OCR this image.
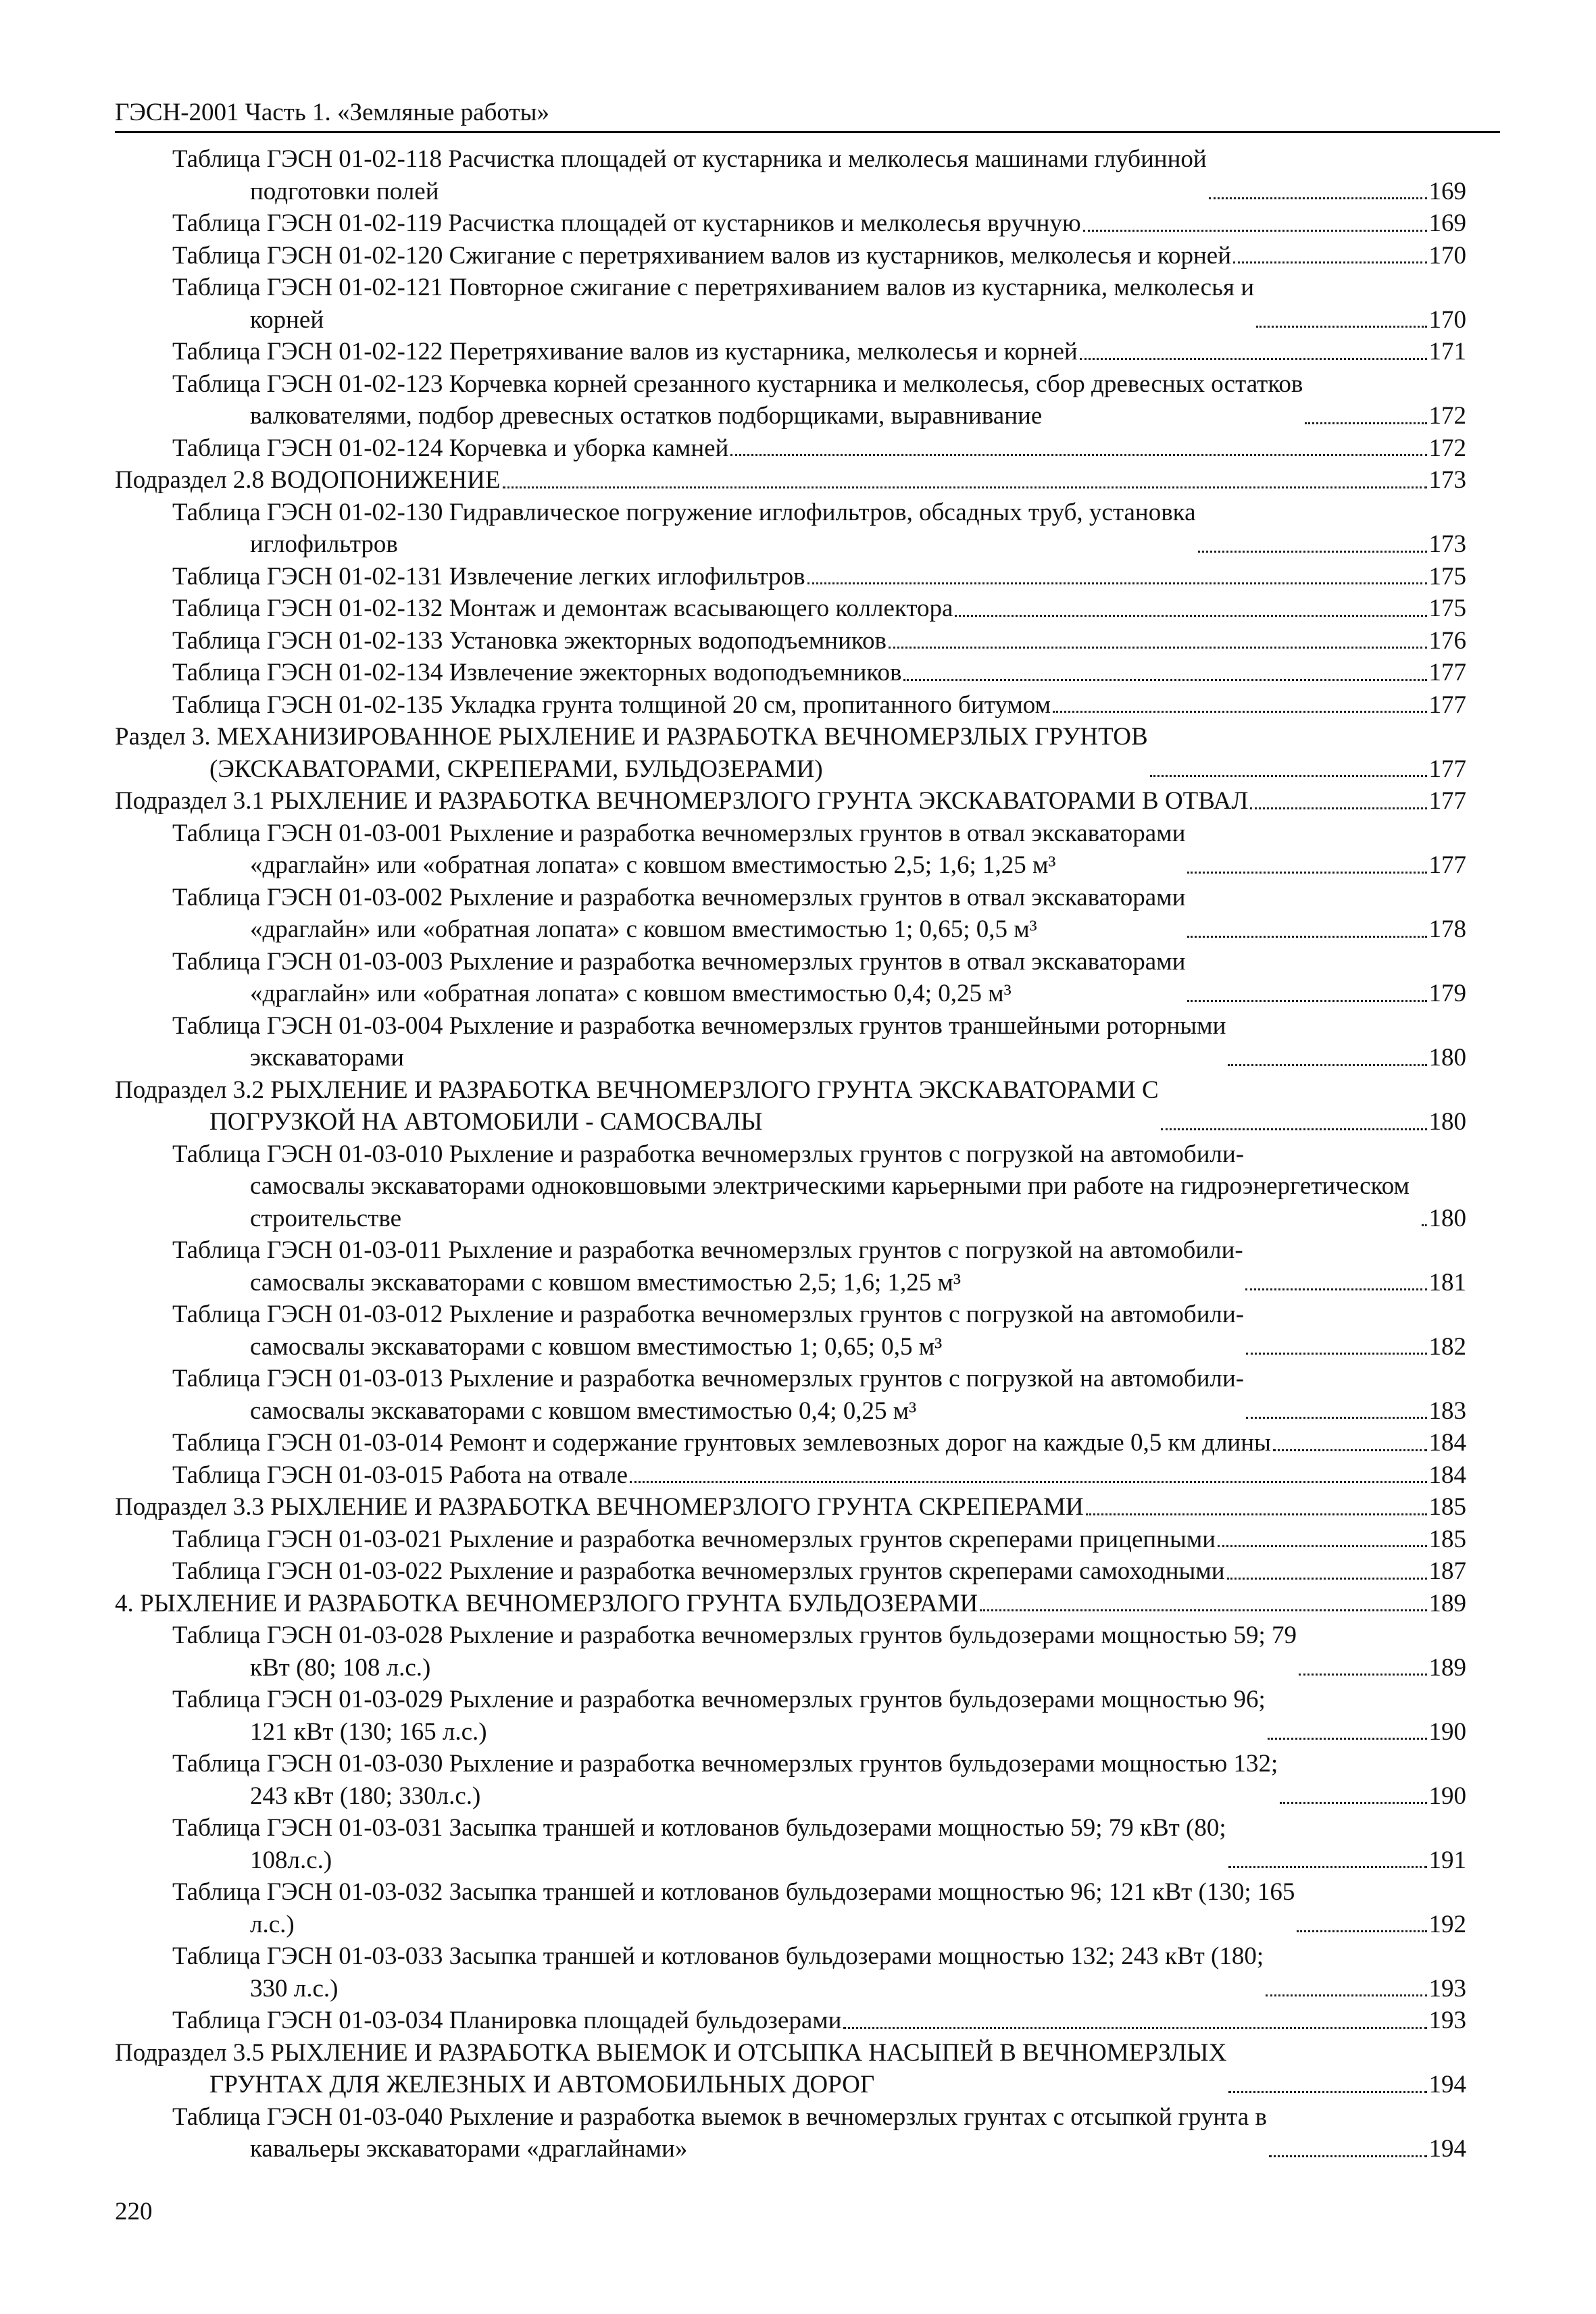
ГЭСН-2001 Часть 1. «Земляные работы»
Таблица ГЭСН 01-02-118 Расчистка площадей от кустарника и мелколесья машинами глубинной
подготовки полей	169
Таблица ГЭСН 01-02-119 Расчистка площадей от кустарников и мелколесья вручную	169
Таблица ГЭСН 01-02-120 Сжигание с перетряхиванием валов из кустарников, мелколесья и корней	170
Таблица ГЭСН 01-02-121 Повторное сжигание с перетряхиванием валов из кустарника, мелколесья и
корней	170
Таблица ГЭСН 01-02-122 Перетряхивание валов из кустарника, мелколесья и корней	171
Таблица ГЭСН 01-02-123 Корчевка корней срезанного кустарника и мелколесья, сбор древесных остатков
валкователями, подбор древесных остатков подборщиками, выравнивание	172
Таблица ГЭСН 01-02-124 Корчевка и уборка камней	172
Подраздел 2.8 ВОДОПОНИЖЕНИЕ	173
Таблица ГЭСН 01-02-130 Гидравлическое погружение иглофильтров, обсадных труб, установка
иглофильтров	173
Таблица ГЭСН 01-02-131 Извлечение легких иглофильтров	175
Таблица ГЭСН 01-02-132 Монтаж и демонтаж всасывающего коллектора	175
Таблица ГЭСН 01-02-133 Установка эжекторных водоподъемников	176
Таблица ГЭСН 01-02-134 Извлечение эжекторных водоподъемников	177
Таблица ГЭСН 01-02-135 Укладка грунта толщиной 20 см, пропитанного битумом	177
Раздел 3. МЕХАНИЗИРОВАННОЕ РЫХЛЕНИЕ И РАЗРАБОТКА ВЕЧНОМЕРЗЛЫХ ГРУНТОВ
(ЭКСКАВАТОРАМИ, СКРЕПЕРАМИ, БУЛЬДОЗЕРАМИ)	177
Подраздел 3.1 РЫХЛЕНИЕ И РАЗРАБОТКА ВЕЧНОМЕРЗЛОГО ГРУНТА ЭКСКАВАТОРАМИ В ОТВАЛ	177
Таблица ГЭСН 01-03-001 Рыхление и разработка вечномерзлых грунтов в отвал экскаваторами
«драглайн» или «обратная лопата» с ковшом вместимостью 2,5; 1,6; 1,25 м³	177
Таблица ГЭСН 01-03-002 Рыхление и разработка вечномерзлых грунтов в отвал экскаваторами
«драглайн» или «обратная лопата» с ковшом вместимостью 1; 0,65; 0,5 м³	178
Таблица ГЭСН 01-03-003 Рыхление и разработка вечномерзлых грунтов в отвал экскаваторами
«драглайн» или «обратная лопата» с ковшом вместимостью 0,4; 0,25 м³	179
Таблица ГЭСН 01-03-004 Рыхление и разработка вечномерзлых грунтов траншейными роторными
экскаваторами	180
Подраздел 3.2 РЫХЛЕНИЕ И РАЗРАБОТКА ВЕЧНОМЕРЗЛОГО ГРУНТА ЭКСКАВАТОРАМИ С
ПОГРУЗКОЙ НА АВТОМОБИЛИ - САМОСВАЛЫ	180
Таблица ГЭСН 01-03-010 Рыхление и разработка вечномерзлых грунтов с погрузкой на автомобили-
самосвалы экскаваторами одноковшовыми электрическими карьерными при работе на гидроэнергетическом строительстве	180
Таблица ГЭСН 01-03-011 Рыхление и разработка вечномерзлых грунтов с погрузкой на автомобили-
самосвалы экскаваторами с ковшом вместимостью 2,5; 1,6; 1,25 м³	181
Таблица ГЭСН 01-03-012 Рыхление и разработка вечномерзлых грунтов с погрузкой на автомобили-
самосвалы экскаваторами с ковшом вместимостью 1; 0,65; 0,5 м³	182
Таблица ГЭСН 01-03-013 Рыхление и разработка вечномерзлых грунтов с погрузкой на автомобили-
самосвалы экскаваторами с ковшом вместимостью 0,4; 0,25 м³	183
Таблица ГЭСН 01-03-014 Ремонт и содержание грунтовых землевозных дорог на каждые 0,5 км длины	184
Таблица ГЭСН 01-03-015 Работа на отвале	184
Подраздел 3.3 РЫХЛЕНИЕ И РАЗРАБОТКА ВЕЧНОМЕРЗЛОГО ГРУНТА СКРЕПЕРАМИ	185
Таблица ГЭСН 01-03-021 Рыхление и разработка вечномерзлых грунтов скреперами прицепными	185
Таблица ГЭСН 01-03-022 Рыхление и разработка вечномерзлых грунтов скреперами самоходными	187
4. РЫХЛЕНИЕ И РАЗРАБОТКА ВЕЧНОМЕРЗЛОГО ГРУНТА БУЛЬДОЗЕРАМИ	189
Таблица ГЭСН 01-03-028 Рыхление и разработка вечномерзлых грунтов бульдозерами мощностью 59; 79
кВт (80; 108 л.с.)	189
Таблица ГЭСН 01-03-029 Рыхление и разработка вечномерзлых грунтов бульдозерами мощностью 96;
121 кВт (130; 165 л.с.)	190
Таблица ГЭСН 01-03-030 Рыхление и разработка вечномерзлых грунтов бульдозерами мощностью 132;
243 кВт (180; 330л.с.)	190
Таблица ГЭСН 01-03-031 Засыпка траншей и котлованов бульдозерами мощностью 59; 79 кВт (80;
108л.с.)	191
Таблица ГЭСН 01-03-032 Засыпка траншей и котлованов бульдозерами мощностью 96; 121 кВт (130; 165
л.с.)	192
Таблица ГЭСН 01-03-033 Засыпка траншей и котлованов бульдозерами мощностью 132; 243 кВт (180;
330 л.с.)	193
Таблица ГЭСН 01-03-034 Планировка площадей бульдозерами	193
Подраздел 3.5 РЫХЛЕНИЕ И РАЗРАБОТКА ВЫЕМОК И ОТСЫПКА НАСЫПЕЙ В ВЕЧНОМЕРЗЛЫХ
ГРУНТАХ ДЛЯ ЖЕЛЕЗНЫХ И АВТОМОБИЛЬНЫХ ДОРОГ	194
Таблица ГЭСН 01-03-040 Рыхление и разработка выемок в вечномерзлых грунтах с отсыпкой грунта в
кавальеры экскаваторами «драглайнами»	194
220
